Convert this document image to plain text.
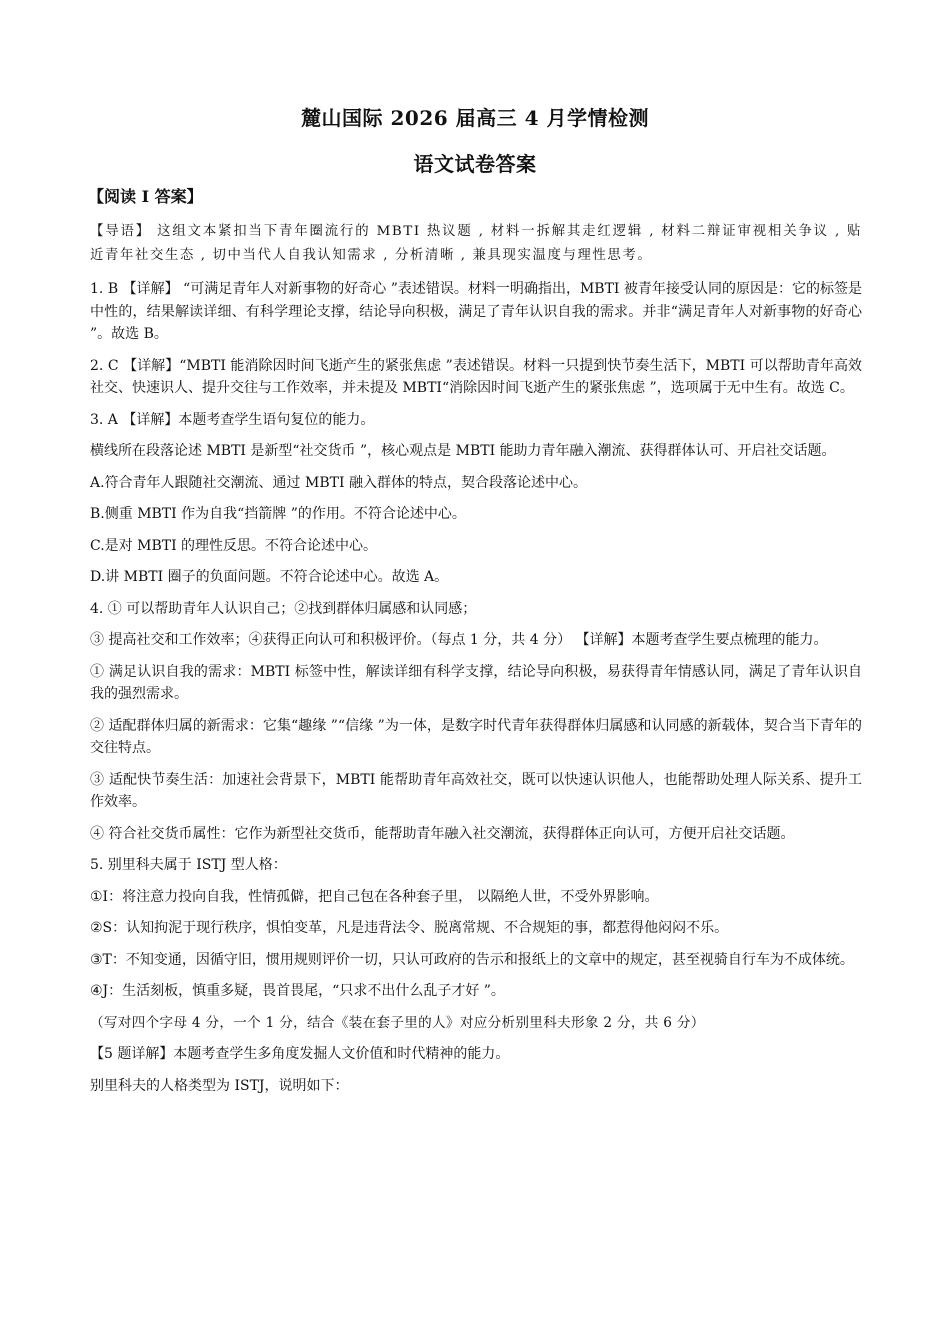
麓山国际 2026 届高三 4 月学情检测
语文试卷答案
【阅读 I 答案】
【导语】 这组文本紧扣当下青年圈流行的 MBTI 热议题 , 材料一拆解其走红逻辑 , 材料二辩证审视相关争议 , 贴近青年社交生态 , 切中当代人自我认知需求 , 分析清晰 , 兼具现实温度与理性思考。

1. B 【详解】 “可满足青年人对新事物的好奇心 ”表述错误。材料一明确指出，MBTI 被青年接受认同的原因是：它的标签是中性的，结果解读详细、有科学理论支撑，结论导向积极，满足了青年认识自我的需求。并非“满足青年人对新事物的好奇心 ”。故选 B。

2. C 【详解】“MBTI 能消除因时间飞逝产生的紧张焦虑 ”表述错误。材料一只提到快节奏生活下，MBTI 可以帮助青年高效社交、快速识人、提升交往与工作效率，并未提及 MBTI“消除因时间飞逝产生的紧张焦虑 ”，选项属于无中生有。故选 C。

3. A 【详解】本题考查学生语句复位的能力。

横线所在段落论述 MBTI 是新型“社交货币 ”，核心观点是 MBTI 能助力青年融入潮流、获得群体认可、开启社交话题。

A.符合青年人跟随社交潮流、通过 MBTI 融入群体的特点，契合段落论述中心。

B.侧重 MBTI 作为自我“挡箭牌 ”的作用。不符合论述中心。

C.是对 MBTI 的理性反思。不符合论述中心。

D.讲 MBTI 圈子的负面问题。不符合论述中心。故选 A。

4. ① 可以帮助青年人认识自己；②找到群体归属感和认同感；

③ 提高社交和工作效率；④获得正向认可和积极评价。（每点 1 分，共 4 分） 【详解】本题考查学生要点梳理的能力。

① 满足认识自我的需求：MBTI 标签中性，解读详细有科学支撑，结论导向积极，易获得青年情感认同，满足了青年认识自我的强烈需求。

② 适配群体归属的新需求：它集“趣缘 ”“信缘 ”为一体，是数字时代青年获得群体归属感和认同感的新载体，契合当下青年的交往特点。

③ 适配快节奏生活：加速社会背景下，MBTI 能帮助青年高效社交，既可以快速认识他人，也能帮助处理人际关系、提升工作效率。

④ 符合社交货币属性：它作为新型社交货币，能帮助青年融入社交潮流，获得群体正向认可，方便开启社交话题。

5. 别里科夫属于 ISTJ 型人格：

①I：将注意力投向自我，性情孤僻，把自己包在各种套子里， 以隔绝人世，不受外界影响。

②S：认知拘泥于现行秩序，惧怕变革，凡是违背法令、脱离常规、不合规矩的事，都惹得他闷闷不乐。

③T：不知变通，因循守旧，惯用规则评价一切，只认可政府的告示和报纸上的文章中的规定，甚至视骑自行车为不成体统。

④J：生活刻板，慎重多疑，畏首畏尾，“只求不出什么乱子才好 ”。

（写对四个字母 4 分，一个 1 分，结合《装在套子里的人》对应分析别里科夫形象 2 分，共 6 分）

【5 题详解】本题考查学生多角度发掘人文价值和时代精神的能力。

别里科夫的人格类型为 ISTJ，说明如下：
